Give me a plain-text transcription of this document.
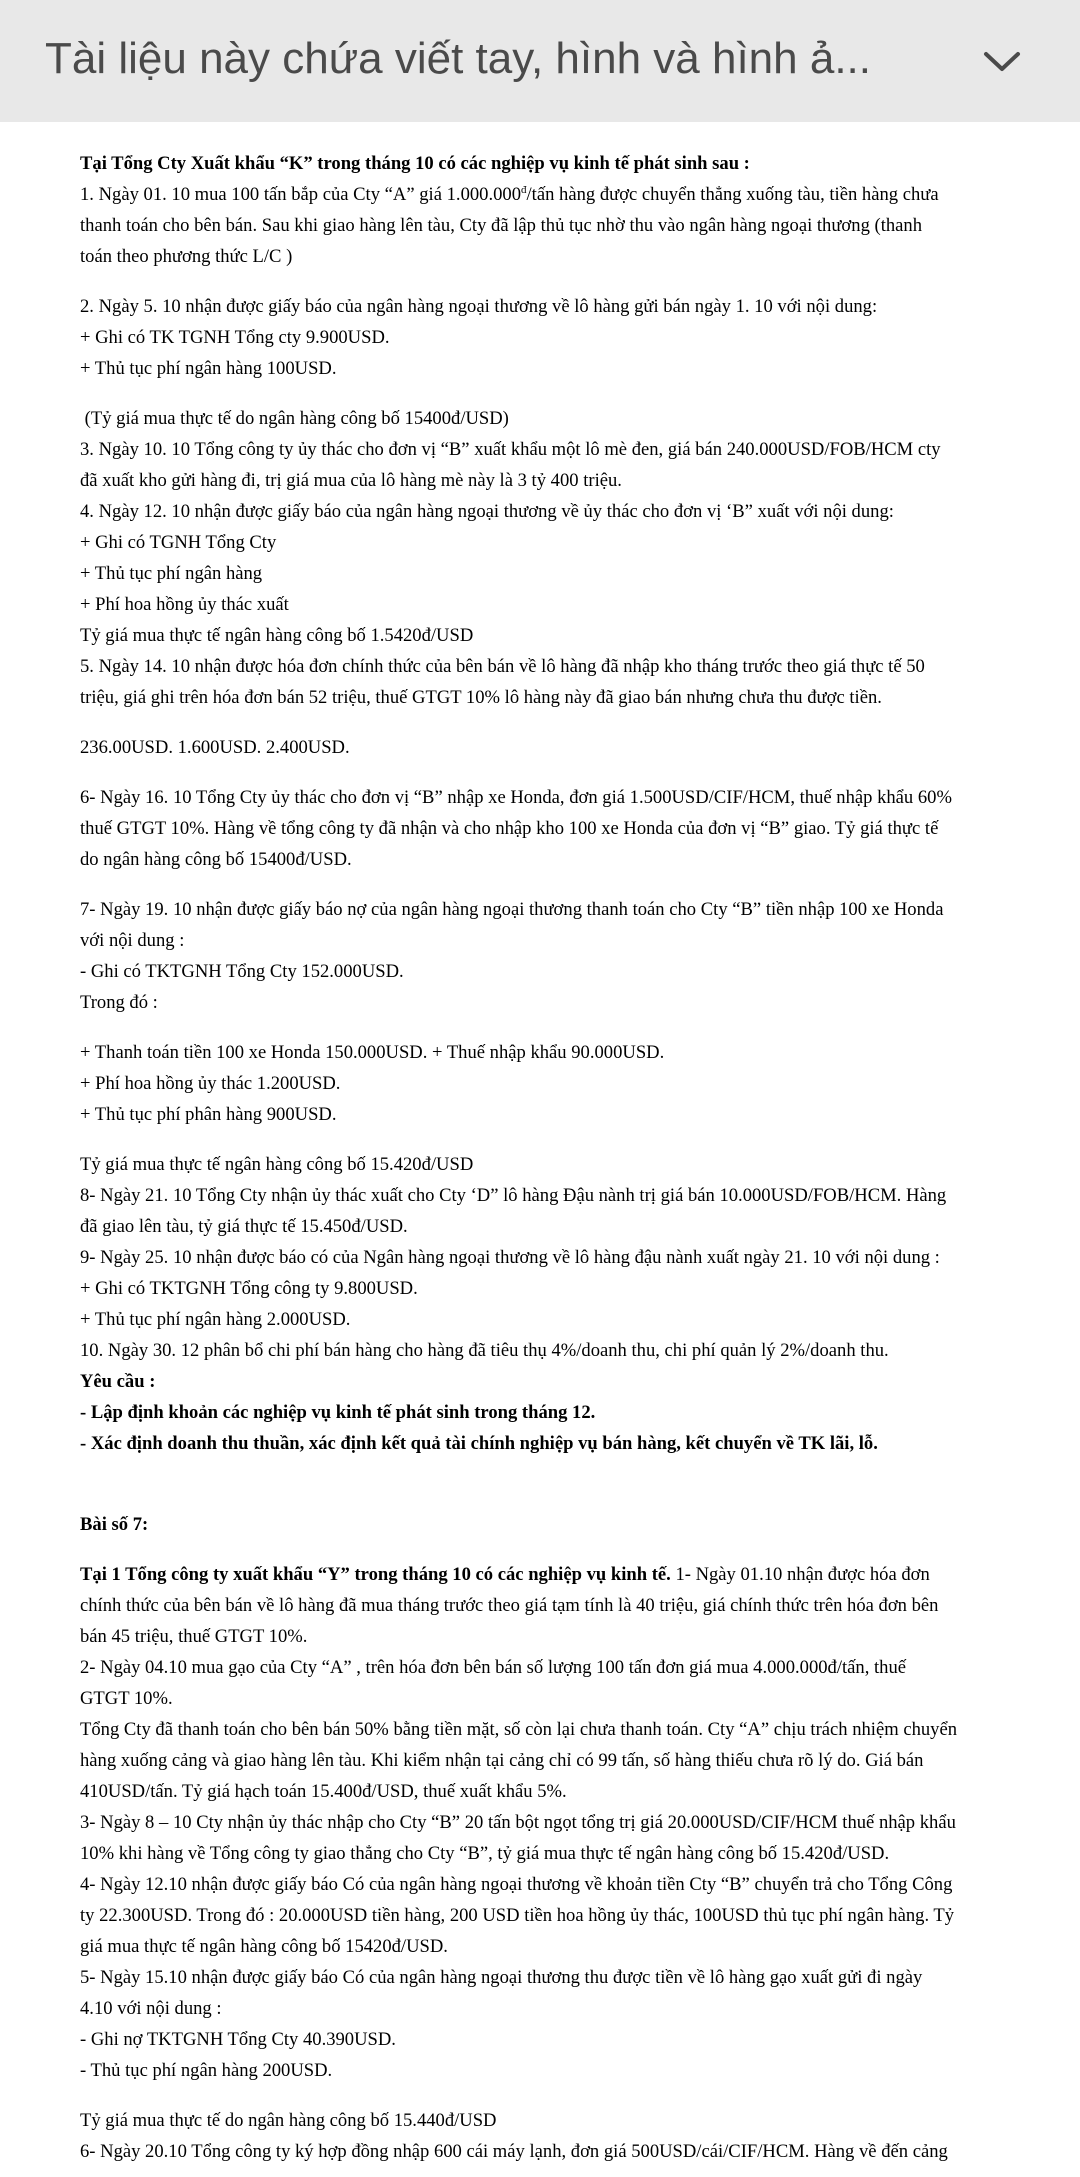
Tài liệu này chứa viết tay, hình và hình ả...

Tại Tổng Cty Xuất khẩu “K” trong tháng 10 có các nghiệp vụ kinh tế phát sinh sau :

1. Ngày 01. 10 mua 100 tấn bắp của Cty “A” giá $1.000.000^đ$/tấn hàng được chuyển thẳng xuống tàu, tiền hàng chưa

thanh toán cho bên bán. Sau khi giao hàng lên tàu, Cty đã lập thủ tục nhờ thu vào ngân hàng ngoại thương (thanh

toán theo phương thức L/C )

2. Ngày 5. 10 nhận được giấy báo của ngân hàng ngoại thương về lô hàng gửi bán ngày 1. 10 với nội dung:

+ Ghi có TK TGNH Tổng cty 9.900USD.

+ Thủ tục phí ngân hàng 100USD.

(Tỷ giá mua thực tế do ngân hàng công bố 15400đ/USD)

3. Ngày 10. 10 Tổng công ty ủy thác cho đơn vị “B” xuất khẩu một lô mè đen, giá bán 240.000USD/FOB/HCM cty

đã xuất kho gửi hàng đi, trị giá mua của lô hàng mè này là 3 tỷ 400 triệu.

4. Ngày 12. 10 nhận được giấy báo của ngân hàng ngoại thương về ủy thác cho đơn vị ‘B” xuất với nội dung:

+ Ghi có TGNH Tổng Cty

+ Thủ tục phí ngân hàng

+ Phí hoa hồng ủy thác xuất

Tỷ giá mua thực tế ngân hàng công bố 1.5420đ/USD

5. Ngày 14. 10 nhận được hóa đơn chính thức của bên bán về lô hàng đã nhập kho tháng trước theo giá thực tế 50

triệu, giá ghi trên hóa đơn bán 52 triệu, thuế GTGT 10% lô hàng này đã giao bán nhưng chưa thu được tiền.

236.00USD. 1.600USD. 2.400USD.

6- Ngày 16. 10 Tổng Cty ủy thác cho đơn vị “B” nhập xe Honda, đơn giá 1.500USD/CIF/HCM, thuế nhập khẩu 60%

thuế GTGT 10%. Hàng về tổng công ty đã nhận và cho nhập kho 100 xe Honda của đơn vị “B” giao. Tỷ giá thực tế

do ngân hàng công bố 15400đ/USD.

7- Ngày 19. 10 nhận được giấy báo nợ của ngân hàng ngoại thương thanh toán cho Cty “B” tiền nhập 100 xe Honda

với nội dung :

- Ghi có TKTGNH Tổng Cty 152.000USD.

Trong đó :

+ Thanh toán tiền 100 xe Honda 150.000USD. + Thuế nhập khẩu 90.000USD.

+ Phí hoa hồng ủy thác 1.200USD.

+ Thủ tục phí phân hàng 900USD.

Tỷ giá mua thực tế ngân hàng công bố 15.420đ/USD

8- Ngày 21. 10 Tổng Cty nhận ủy thác xuất cho Cty ‘D” lô hàng Đậu nành trị giá bán 10.000USD/FOB/HCM. Hàng

đã giao lên tàu, tỷ giá thực tế 15.450đ/USD.

9- Ngày 25. 10 nhận được báo có của Ngân hàng ngoại thương về lô hàng đậu nành xuất ngày 21. 10 với nội dung :

+ Ghi có TKTGNH Tổng công ty 9.800USD.

+ Thủ tục phí ngân hàng 2.000USD.

10. Ngày 30. 12 phân bổ chi phí bán hàng cho hàng đã tiêu thụ 4%/doanh thu, chi phí quản lý 2%/doanh thu.

Yêu cầu :

- Lập định khoản các nghiệp vụ kinh tế phát sinh trong tháng 12.

- Xác định doanh thu thuần, xác định kết quả tài chính nghiệp vụ bán hàng, kết chuyển về TK lãi, lỗ.

Bài số 7:

Tại 1 Tổng công ty xuất khẩu “Y” trong tháng 10 có các nghiệp vụ kinh tế. 1- Ngày 01.10 nhận được hóa đơn

chính thức của bên bán về lô hàng đã mua tháng trước theo giá tạm tính là 40 triệu, giá chính thức trên hóa đơn bên

bán 45 triệu, thuế GTGT 10%.

2- Ngày 04.10 mua gạo của Cty “A” , trên hóa đơn bên bán số lượng 100 tấn đơn giá mua 4.000.000đ/tấn, thuế

GTGT 10%.

Tổng Cty đã thanh toán cho bên bán 50% bằng tiền mặt, số còn lại chưa thanh toán. Cty “A” chịu trách nhiệm chuyển

hàng xuống cảng và giao hàng lên tàu. Khi kiểm nhận tại cảng chỉ có 99 tấn, số hàng thiếu chưa rõ lý do. Giá bán

410USD/tấn. Tỷ giá hạch toán 15.400đ/USD, thuế xuất khẩu 5%.

3- Ngày 8 – 10 Cty nhận ủy thác nhập cho Cty “B” 20 tấn bột ngọt tổng trị giá 20.000USD/CIF/HCM thuế nhập khẩu

10% khi hàng về Tổng công ty giao thẳng cho Cty “B”, tỷ giá mua thực tế ngân hàng công bố 15.420đ/USD.

4- Ngày 12.10 nhận được giấy báo Có của ngân hàng ngoại thương về khoản tiền Cty “B” chuyển trả cho Tổng Công

ty 22.300USD. Trong đó : 20.000USD tiền hàng, 200 USD tiền hoa hồng ủy thác, 100USD thủ tục phí ngân hàng. Tỷ

giá mua thực tế ngân hàng công bố 15420đ/USD.

5- Ngày 15.10 nhận được giấy báo Có của ngân hàng ngoại thương thu được tiền về lô hàng gạo xuất gửi đi ngày

4.10 với nội dung :

- Ghi nợ TKTGNH Tổng Cty 40.390USD.

- Thủ tục phí ngân hàng 200USD.

Tỷ giá mua thực tế do ngân hàng công bố 15.440đ/USD

6- Ngày 20.10 Tổng công ty ký hợp đồng nhập 600 cái máy lạnh, đơn giá 500USD/cái/CIF/HCM. Hàng về đến cảng
